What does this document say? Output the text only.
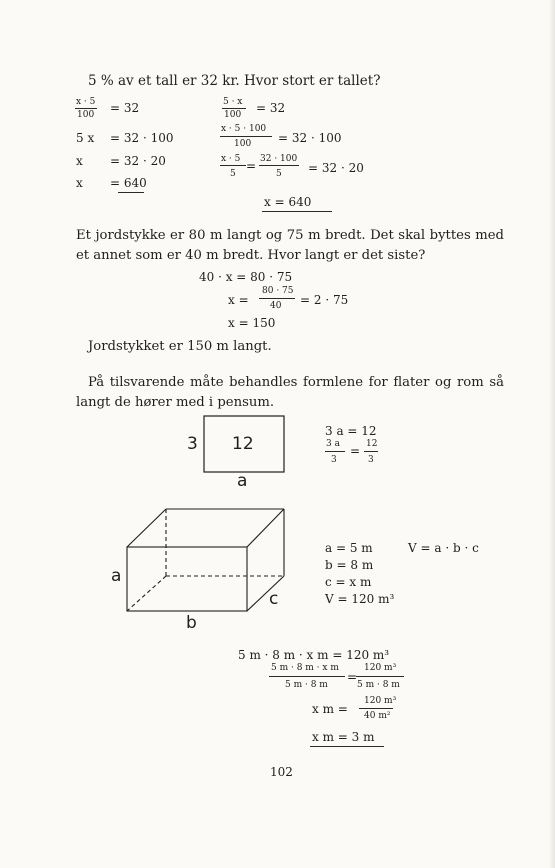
5 % av et tall er 32 kr. Hvor stort er tallet?
x · 5
100 = 32
5 x = 32 · 100
x = 32 · 20
x = 640
5 · x
100 = 32
x · 5 · 100
100 = 32 · 100
x · 5
5
= 32 · 100
5 = 32 · 20
x = 640
Et jordstykke er 80 m langt og 75 m bredt. Det skal byttes med et annet som er 40 m bredt. Hvor langt er det siste?
40 · x = 80 · 75
x =
80 · 75
40 = 2 · 75
x = 150
Jordstykket er 150 m langt.
På tilsvarende måte behandles formlene for flater og rom så langt de hører med i pensum.
3 12
a
3 a = 12
3 a
3
= 12
3
a
c
b
a = 5 m	V = a · b · c
b = 8 m
c = x m
V = 120 m³
5 m · 8 m · x m = 120 m³
5 m · 8 m · x m
5 m · 8 m
=
120 m³
5 m · 8 m
x m =
120 m³
40 m²
x m = 3 m
102
